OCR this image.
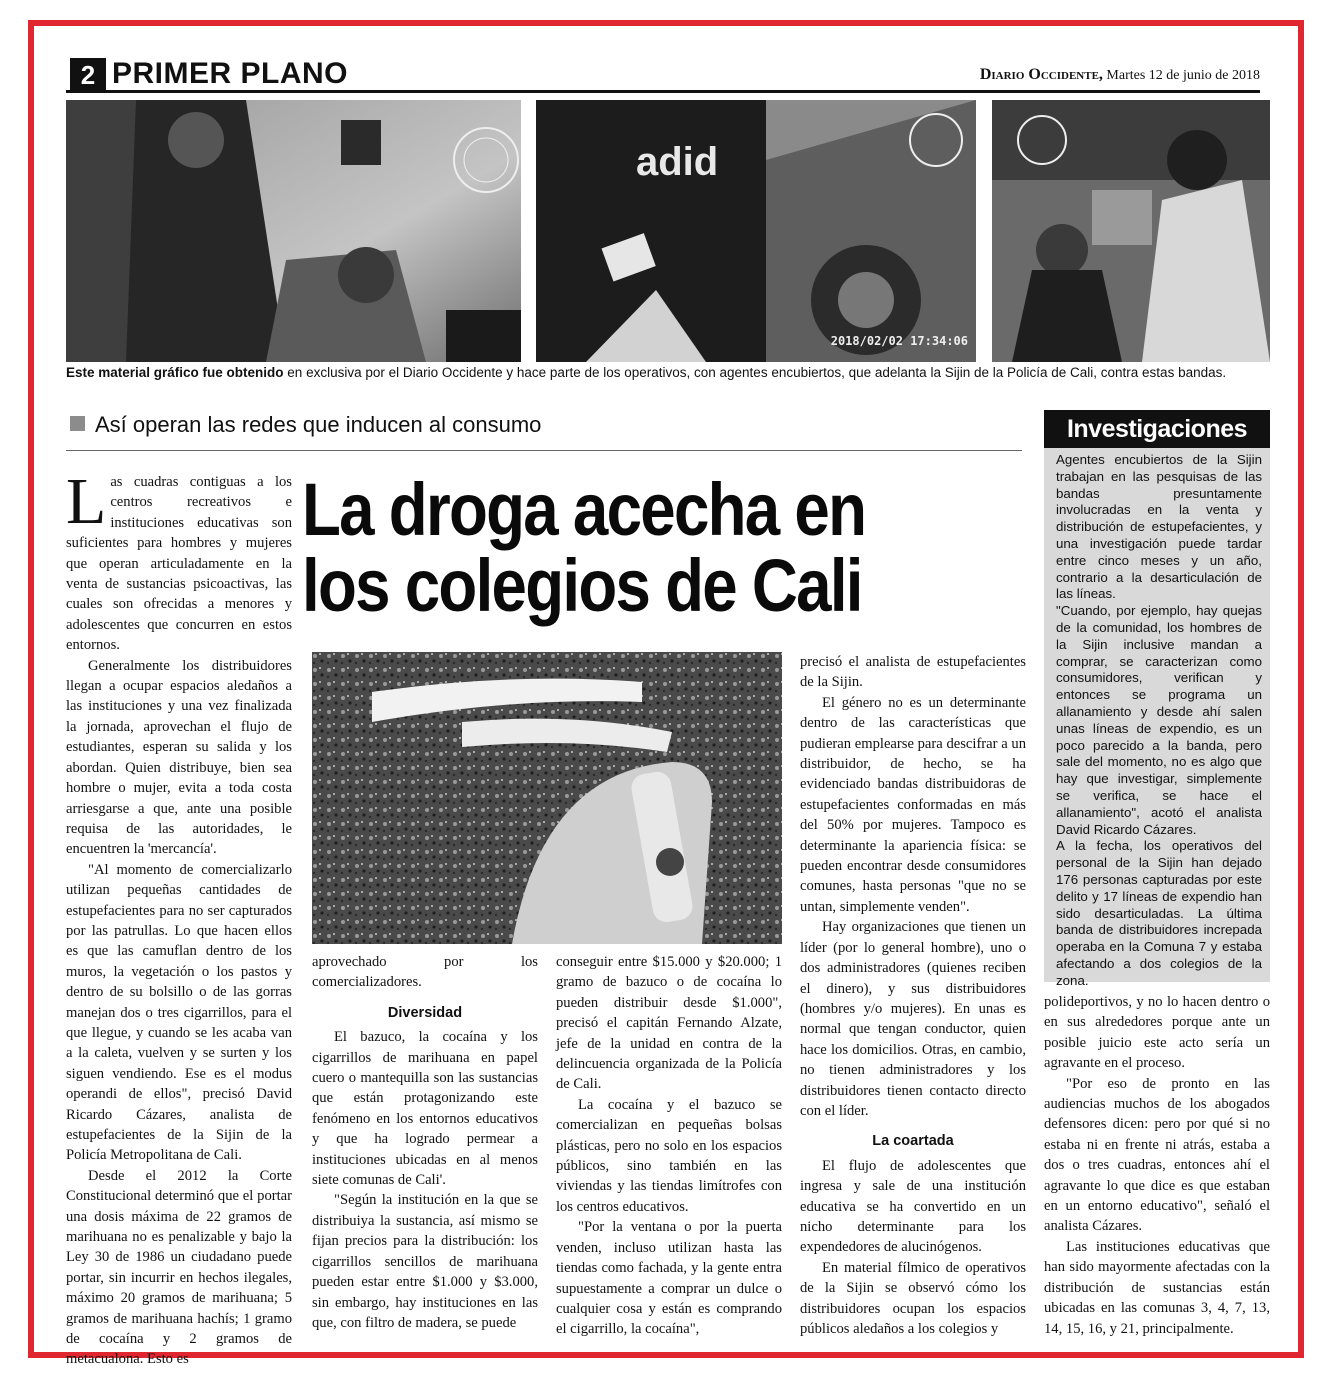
2 PRIMER PLANO	Diario Occidente, Martes 12 de junio de 2018
adid
2018/02/02 17:34:06
Este material gráfico fue obtenido en exclusiva por el Diario Occidente y hace parte de los operativos, con agentes encubiertos, que adelanta la Sijin de la Policía de Cali, contra estas bandas.
Así operan las redes que inducen al consumo
La droga acecha en
los colegios de Cali

Las cuadras contiguas a los centros recreativos e instituciones educativas son suficientes para hombres y mujeres que operan articuladamente en la venta de sustancias psicoactivas, las cuales son ofrecidas a menores y adolescentes que concurren en estos entornos.

Generalmente los distribuidores llegan a ocupar espacios aledaños a las instituciones y una vez finalizada la jornada, aprovechan el flujo de estudiantes, esperan su salida y los abordan. Quien distribuye, bien sea hombre o mujer, evita a toda costa arriesgarse a que, ante una posible requisa de las autoridades, le encuentren la 'mercancía'.

"Al momento de comercializarlo utilizan pequeñas cantidades de estupefacientes para no ser capturados por las patrullas. Lo que hacen ellos es que las camuflan dentro de los muros, la vegetación o los pastos y dentro de su bolsillo o de las gorras manejan dos o tres cigarrillos, para el que llegue, y cuando se les acaba van a la caleta, vuelven y se surten y los siguen vendiendo. Ese es el modus operandi de ellos", precisó David Ricardo Cázares, analista de estupefacientes de la Sijin de la Policía Metropolitana de Cali.

Desde el 2012 la Corte Constitucional determinó que el portar una dosis máxima de 22 gramos de marihuana no es penalizable y bajo la Ley 30 de 1986 un ciudadano puede portar, sin incurrir en hechos ilegales, máximo 20 gramos de marihuana; 5 gramos de marihuana hachís; 1 gramo de cocaína y 2 gramos de metacualona. Esto es

aprovechado por los comercializadores.

Diversidad

El bazuco, la cocaína y los cigarrillos de marihuana en papel cuero o mantequilla son las sustancias que están protagonizando este fenómeno en los entornos educativos y que ha logrado permear a instituciones ubicadas en al menos siete comunas de Cali'.

"Según la institución en la que se distribuiya la sustancia, así mismo se fijan precios para la distribución: los cigarrillos sencillos de marihuana pueden estar entre $1.000 y $3.000, sin embargo, hay instituciones en las que, con filtro de madera, se puede

conseguir entre $15.000 y $20.000; 1 gramo de bazuco o de cocaína lo pueden distribuir desde $1.000", precisó el capitán Fernando Alzate, jefe de la unidad en contra de la delincuencia organizada de la Policía de Cali.

La cocaína y el bazuco se comercializan en pequeñas bolsas plásticas, pero no solo en los espacios públicos, sino también en las viviendas y las tiendas limítrofes con los centros educativos.

"Por la ventana o por la puerta venden, incluso utilizan hasta las tiendas como fachada, y la gente entra supuestamente a comprar un dulce o cualquier cosa y están es comprando el cigarrillo, la cocaína",

precisó el analista de estupefacientes de la Sijin.

El género no es un determinante dentro de las características que pudieran emplearse para descifrar a un distribuidor, de hecho, se ha evidenciado bandas distribuidoras de estupefacientes conformadas en más del 50% por mujeres. Tampoco es determinante la apariencia física: se pueden encontrar desde consumidores comunes, hasta personas "que no se untan, simplemente venden".

Hay organizaciones que tienen un líder (por lo general hombre), uno o dos administradores (quienes reciben el dinero), y sus distribuidores (hombres y/o mujeres). En unas es normal que tengan conductor, quien hace los domicilios. Otras, en cambio, no tienen administradores y los distribuidores tienen contacto directo con el líder.

La coartada

El flujo de adolescentes que ingresa y sale de una institución educativa se ha convertido en un nicho determinante para los expendedores de alucinógenos.

En material fílmico de operativos de la Sijin se observó cómo los distribuidores ocupan los espacios públicos aledaños a los colegios y

Investigaciones

Agentes encubiertos de la Sijin trabajan en las pesquisas de las bandas presuntamente involucradas en la venta y distribución de estupefacientes, y una investigación puede tardar entre cinco meses y un año, contrario a la desarticulación de las líneas.

"Cuando, por ejemplo, hay quejas de la comunidad, los hombres de la Sijin inclusive mandan a comprar, se caracterizan como consumidores, verifican y entonces se programa un allanamiento y desde ahí salen unas líneas de expendio, es un poco parecido a la banda, pero sale del momento, no es algo que hay que investigar, simplemente se verifica, se hace el allanamiento", acotó el analista David Ricardo Cázares.

A la fecha, los operativos del personal de la Sijin han dejado 176 personas capturadas por este delito y 17 líneas de expendio han sido desarticuladas. La última banda de distribuidores increpada operaba en la Comuna 7 y estaba afectando a dos colegios de la zona.

polideportivos, y no lo hacen dentro o en sus alrededores porque ante un posible juicio este acto sería un agravante en el proceso.

"Por eso de pronto en las audiencias muchos de los abogados defensores dicen: pero por qué si no estaba ni en frente ni atrás, estaba a dos o tres cuadras, entonces ahí el agravante lo que dice es que estaban en un entorno educativo", señaló el analista Cázares.

Las instituciones educativas que han sido mayormente afectadas con la distribución de sustancias están ubicadas en las comunas 3, 4, 7, 13, 14, 15, 16, y 21, principalmente.
